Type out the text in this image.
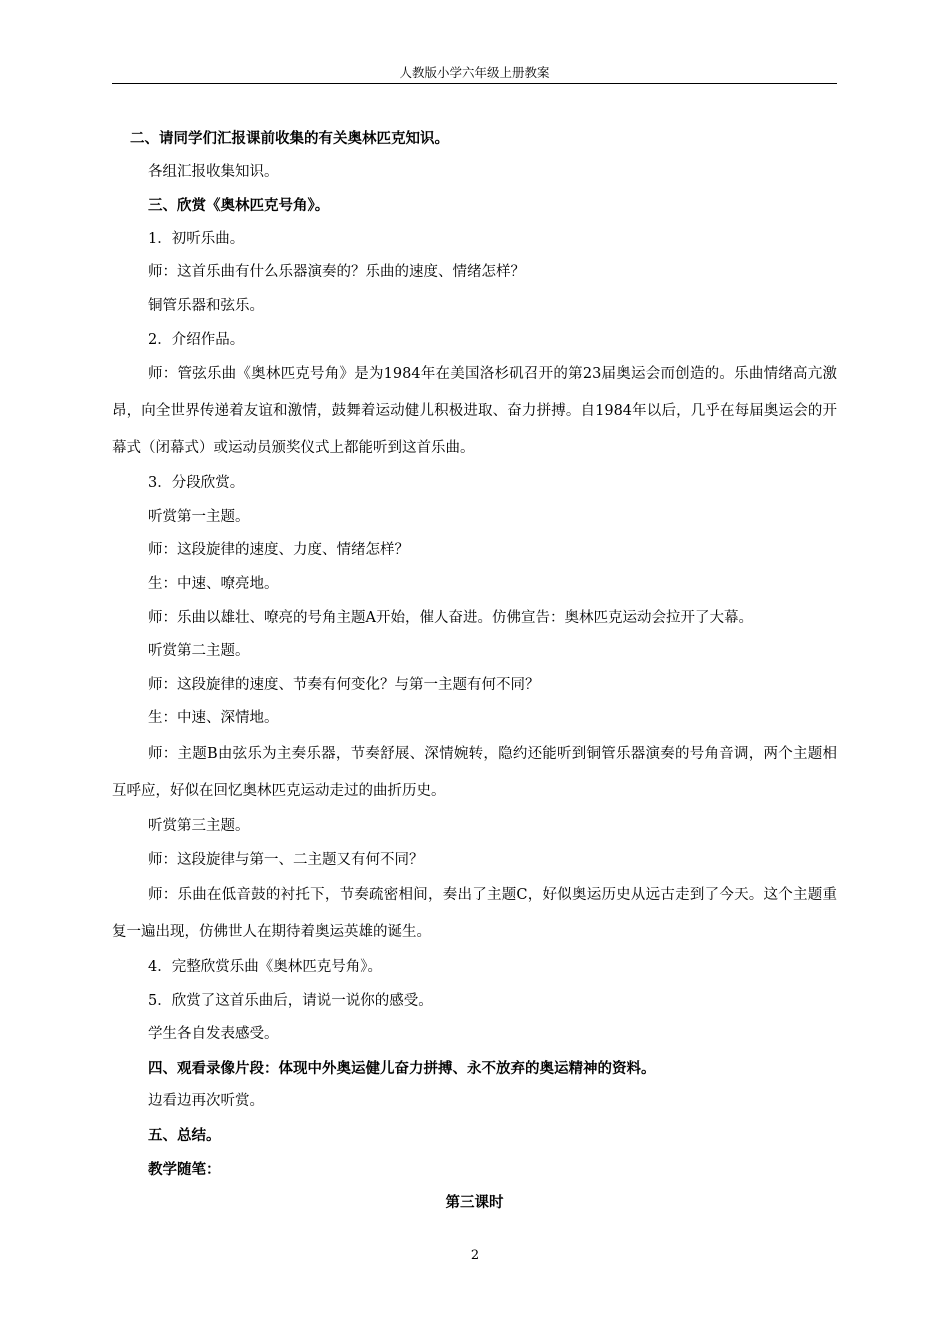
人教版小学六年级上册教案
二、请同学们汇报课前收集的有关奥林匹克知识。
各组汇报收集知识。
三、欣赏《奥林匹克号角》。
1．初听乐曲。
师：这首乐曲有什么乐器演奏的？乐曲的速度、情绪怎样？
铜管乐器和弦乐。
2．介绍作品。
师：管弦乐曲《奥林匹克号角》是为1984年在美国洛杉矶召开的第23届奥运会而创造的。乐曲情绪高亢激昂，向全世界传递着友谊和激情，鼓舞着运动健儿积极进取、奋力拼搏。自1984年以后，几乎在每届奥运会的开幕式（闭幕式）或运动员颁奖仪式上都能听到这首乐曲。
3．分段欣赏。
听赏第一主题。
师：这段旋律的速度、力度、情绪怎样？
生：中速、嘹亮地。
师：乐曲以雄壮、嘹亮的号角主题A开始，催人奋进。仿佛宣告：奥林匹克运动会拉开了大幕。
听赏第二主题。
师：这段旋律的速度、节奏有何变化？与第一主题有何不同？
生：中速、深情地。
师：主题B由弦乐为主奏乐器，节奏舒展、深情婉转，隐约还能听到铜管乐器演奏的号角音调，两个主题相互呼应，好似在回忆奥林匹克运动走过的曲折历史。
听赏第三主题。
师：这段旋律与第一、二主题又有何不同？
师：乐曲在低音鼓的衬托下，节奏疏密相间，奏出了主题C，好似奥运历史从远古走到了今天。这个主题重复一遍出现，仿佛世人在期待着奥运英雄的诞生。
4．完整欣赏乐曲《奥林匹克号角》。
5．欣赏了这首乐曲后，请说一说你的感受。
学生各自发表感受。
四、观看录像片段：体现中外奥运健儿奋力拼搏、永不放弃的奥运精神的资料。
边看边再次听赏。
五、总结。
教学随笔：
第三课时
2
